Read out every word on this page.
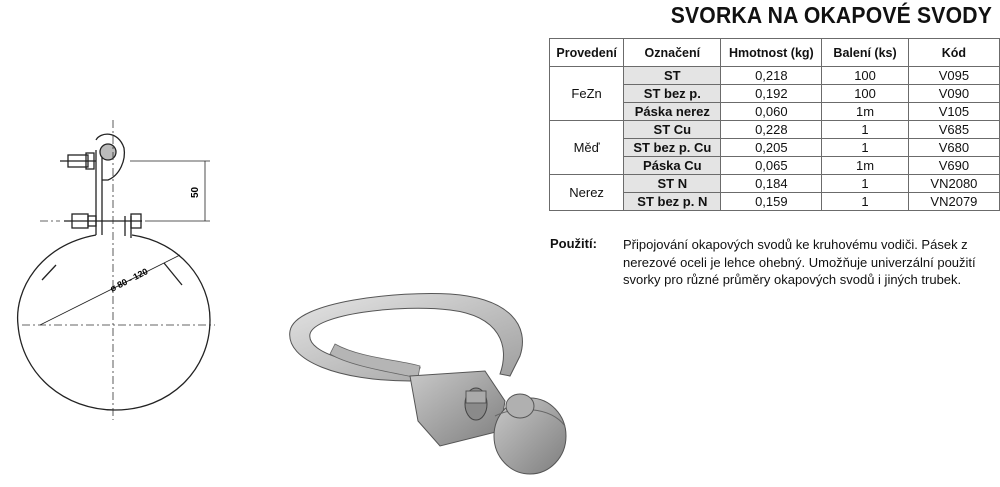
SVORKA NA OKAPOVÉ SVODY
Provedení	Označení	Hmotnost (kg)	Balení (ks)	Kód
FeZn	ST	0,218	100	V095
	ST bez p.	0,192	100	V090
	Páska nerez	0,060	1m	V105
Měď	ST Cu	0,228	1	V685
	ST bez p. Cu	0,205	1	V680
	Páska Cu	0,065	1m	V690
Nerez	ST N	0,184	1	VN2080
	ST bez p. N	0,159	1	VN2079
Použití: Připojování okapových svodů ke kruhovému vodiči. Pásek z nerezové oceli je lehce ohebný. Umožňuje univerzální použití svorky pro různé průměry okapových svodů i jiných trubek.
50
ø 80 - 120
